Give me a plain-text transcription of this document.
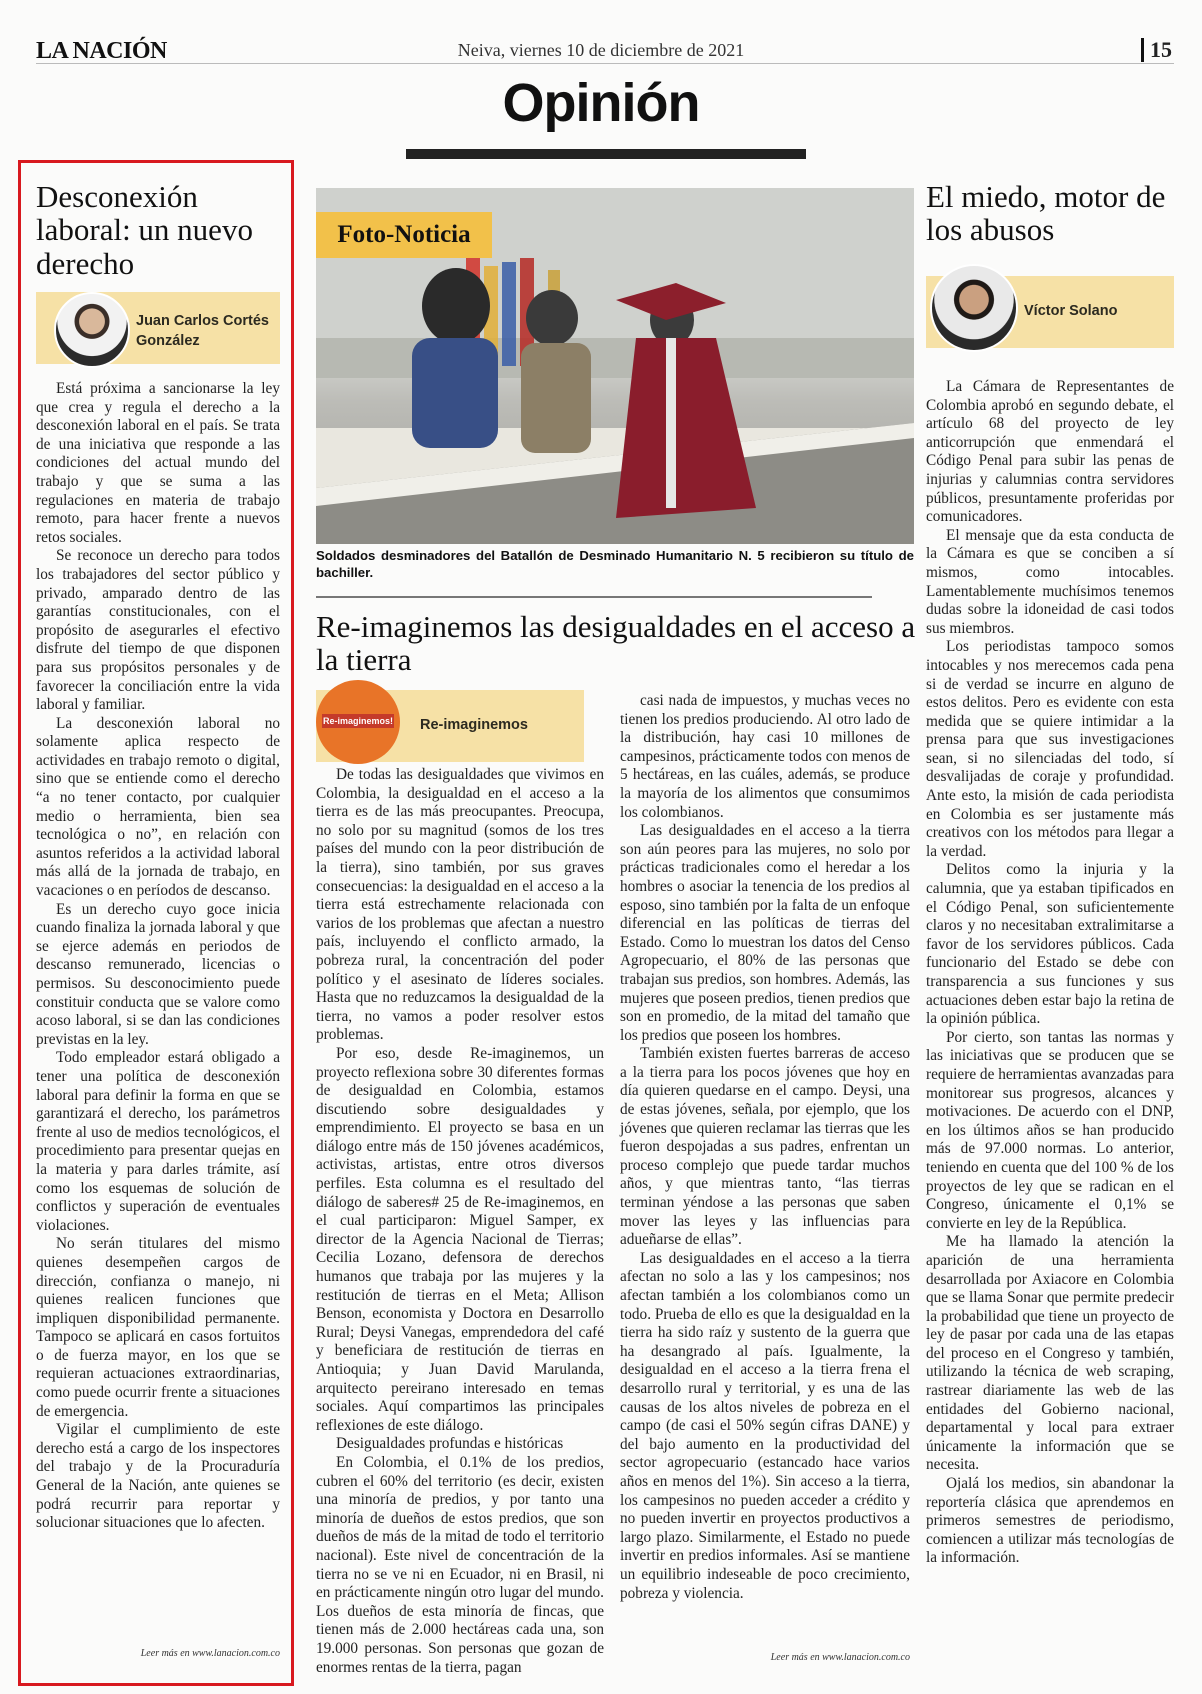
LA NACIÓN	Neiva, viernes 10 de diciembre de 2021	15
Opinión
Desconexión laboral: un nuevo derecho
Juan Carlos Cortés González

Está próxima a sancionarse la ley que crea y regula el derecho a la desconexión laboral en el país. Se trata de una iniciativa que responde a las condiciones del actual mundo del trabajo y que se suma a las regulaciones en materia de trabajo remoto, para hacer frente a nuevos retos sociales.

Se reconoce un derecho para todos los trabajadores del sector público y privado, amparado dentro de las garantías constitucionales, con el propósito de asegurarles el efectivo disfrute del tiempo de que disponen para sus propósitos personales y de favorecer la conciliación entre la vida laboral y familiar.

La desconexión laboral no solamente aplica respecto de actividades en trabajo remoto o digital, sino que se entiende como el derecho “a no tener contacto, por cualquier medio o herramienta, bien sea tecnológica o no”, en relación con asuntos referidos a la actividad laboral más allá de la jornada de trabajo, en vacaciones o en períodos de descanso.

Es un derecho cuyo goce inicia cuando finaliza la jornada laboral y que se ejerce además en periodos de descanso remunerado, licencias o permisos. Su desconocimiento puede constituir conducta que se valore como acoso laboral, si se dan las condiciones previstas en la ley.

Todo empleador estará obligado a tener una política de desconexión laboral para definir la forma en que se garantizará el derecho, los parámetros frente al uso de medios tecnológicos, el procedimiento para presentar quejas en la materia y para darles trámite, así como los esquemas de solución de conflictos y superación de eventuales violaciones.

No serán titulares del mismo quienes desempeñen cargos de dirección, confianza o manejo, ni quienes realicen funciones que impliquen disponibilidad permanente. Tampoco se aplicará en casos fortuitos o de fuerza mayor, en los que se requieran actuaciones extraordinarias, como puede ocurrir frente a situaciones de emergencia.

Vigilar el cumplimiento de este derecho está a cargo de los inspectores del trabajo y de la Procuraduría General de la Nación, ante quienes se podrá recurrir para reportar y solucionar situaciones que lo afecten.

Leer más en www.lanacion.com.co
Foto-Noticia
Soldados desminadores del Batallón de Desminado Humanitario N. 5 recibieron su título de bachiller.
Re-imaginemos las desigualdades en el acceso a la tierra
Re-imaginemos! Re-imaginemos

De todas las desigualdades que vivimos en Colombia, la desigualdad en el acceso a la tierra es de las más preocupantes. Preocupa, no solo por su magnitud (somos de los tres países del mundo con la peor distribución de la tierra), sino también, por sus graves consecuencias: la desigualdad en el acceso a la tierra está estrechamente relacionada con varios de los problemas que afectan a nuestro país, incluyendo el conflicto armado, la pobreza rural, la concentración del poder político y el asesinato de líderes sociales. Hasta que no reduzcamos la desigualdad de la tierra, no vamos a poder resolver estos problemas.

Por eso, desde Re-imaginemos, un proyecto reflexiona sobre 30 diferentes formas de desigualdad en Colombia, estamos discutiendo sobre desigualdades y emprendimiento. El proyecto se basa en un diálogo entre más de 150 jóvenes académicos, activistas, artistas, entre otros diversos perfiles. Esta columna es el resultado del diálogo de saberes# 25 de Re-imaginemos, en el cual participaron: Miguel Samper, ex director de la Agencia Nacional de Tierras; Cecilia Lozano, defensora de derechos humanos que trabaja por las mujeres y la restitución de tierras en el Meta; Allison Benson, economista y Doctora en Desarrollo Rural; Deysi Vanegas, emprendedora del café y beneficiara de restitución de tierras en Antioquia; y Juan David Marulanda, arquitecto pereirano interesado en temas sociales. Aquí compartimos las principales reflexiones de este diálogo.

Desigualdades profundas e históricas

En Colombia, el 0.1% de los predios, cubren el 60% del territorio (es decir, existen una minoría de predios, y por tanto una minoría de dueños de estos predios, que son dueños de más de la mitad de todo el territorio nacional). Este nivel de concentración de la tierra no se ve ni en Ecuador, ni en Brasil, ni en prácticamente ningún otro lugar del mundo. Los dueños de esta minoría de fincas, que tienen más de 2.000 hectáreas cada una, son 19.000 personas. Son personas que gozan de enormes rentas de la tierra, pagan

casi nada de impuestos, y muchas veces no tienen los predios produciendo. Al otro lado de la distribución, hay casi 10 millones de campesinos, prácticamente todos con menos de 5 hectáreas, en las cuáles, además, se produce la mayoría de los alimentos que consumimos los colombianos.

Las desigualdades en el acceso a la tierra son aún peores para las mujeres, no solo por prácticas tradicionales como el heredar a los hombres o asociar la tenencia de los predios al esposo, sino también por la falta de un enfoque diferencial en las políticas de tierras del Estado. Como lo muestran los datos del Censo Agropecuario, el 80% de las personas que trabajan sus predios, son hombres. Además, las mujeres que poseen predios, tienen predios que son en promedio, de la mitad del tamaño que los predios que poseen los hombres.

También existen fuertes barreras de acceso a la tierra para los pocos jóvenes que hoy en día quieren quedarse en el campo. Deysi, una de estas jóvenes, señala, por ejemplo, que los jóvenes que quieren reclamar las tierras que les fueron despojadas a sus padres, enfrentan un proceso complejo que puede tardar muchos años, y que mientras tanto, “las tierras terminan yéndose a las personas que saben mover las leyes y las influencias para adueñarse de ellas”.

Las desigualdades en el acceso a la tierra afectan no solo a las y los campesinos; nos afectan también a los colombianos como un todo. Prueba de ello es que la desigualdad en la tierra ha sido raíz y sustento de la guerra que ha desangrado al país. Igualmente, la desigualdad en el acceso a la tierra frena el desarrollo rural y territorial, y es una de las causas de los altos niveles de pobreza en el campo (de casi el 50% según cifras DANE) y del bajo aumento en la productividad del sector agropecuario (estancado hace varios años en menos del 1%). Sin acceso a la tierra, los campesinos no pueden acceder a crédito y no pueden invertir en proyectos productivos a largo plazo. Similarmente, el Estado no puede invertir en predios informales. Así se mantiene un equilibrio indeseable de poco crecimiento, pobreza y violencia.

Leer más en www.lanacion.com.co
El miedo, motor de los abusos
Víctor Solano

La Cámara de Representantes de Colombia aprobó en segundo debate, el artículo 68 del proyecto de ley anticorrupción que enmendará el Código Penal para subir las penas de injurias y calumnias contra servidores públicos, presuntamente proferidas por comunicadores.

El mensaje que da esta conducta de la Cámara es que se conciben a sí mismos, como intocables. Lamentablemente muchísimos tenemos dudas sobre la idoneidad de casi todos sus miembros.

Los periodistas tampoco somos intocables y nos merecemos cada pena si de verdad se incurre en alguno de estos delitos. Pero es evidente con esta medida que se quiere intimidar a la prensa para que sus investigaciones sean, si no silenciadas del todo, sí desvalijadas de coraje y profundidad. Ante esto, la misión de cada periodista en Colombia es ser justamente más creativos con los métodos para llegar a la verdad.

Delitos como la injuria y la calumnia, que ya estaban tipificados en el Código Penal, son suficientemente claros y no necesitaban extralimitarse a favor de los servidores públicos. Cada funcionario del Estado se debe con transparencia a sus funciones y sus actuaciones deben estar bajo la retina de la opinión pública.

Por cierto, son tantas las normas y las iniciativas que se producen que se requiere de herramientas avanzadas para monitorear sus progresos, alcances y motivaciones. De acuerdo con el DNP, en los últimos años se han producido más de 97.000 normas. Lo anterior, teniendo en cuenta que del 100 % de los proyectos de ley que se radican en el Congreso, únicamente el 0,1% se convierte en ley de la República.

Me ha llamado la atención la aparición de una herramienta desarrollada por Axiacore en Colombia que se llama Sonar que permite predecir la probabilidad que tiene un proyecto de ley de pasar por cada una de las etapas del proceso en el Congreso y también, utilizando la técnica de web scraping, rastrear diariamente las web de las entidades del Gobierno nacional, departamental y local para extraer únicamente la información que se necesita.

Ojalá los medios, sin abandonar la reportería clásica que aprendemos en primeros semestres de periodismo, comiencen a utilizar más tecnologías de la información.
